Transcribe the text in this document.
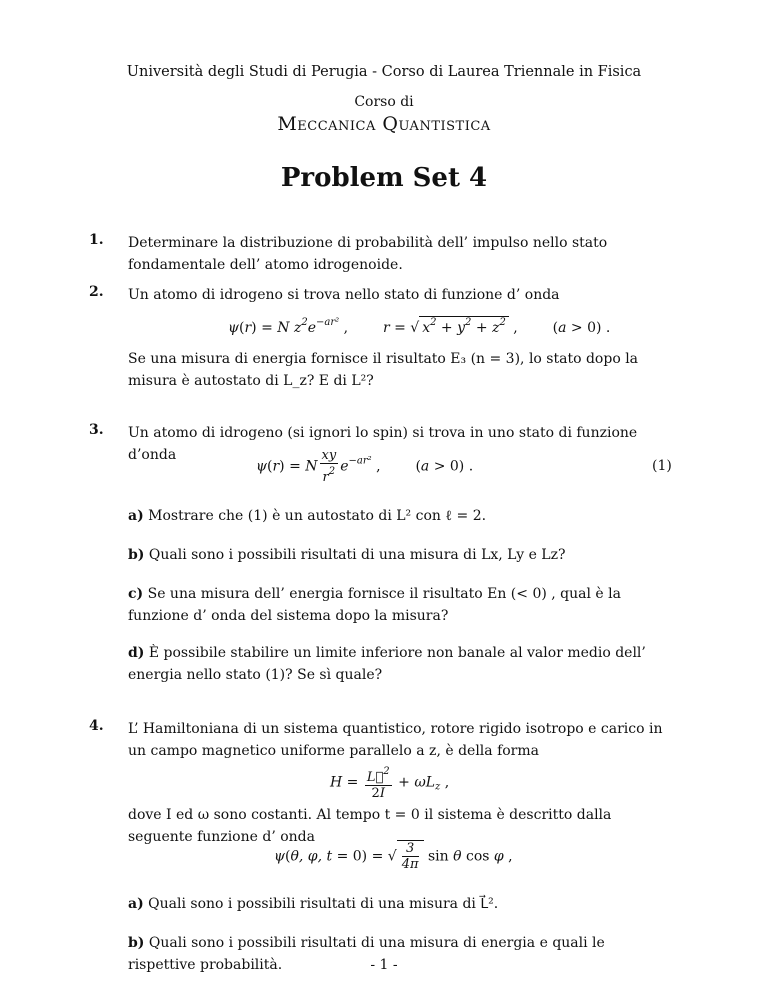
Università degli Studi di Perugia - Corso di Laurea Triennale in Fisica
Corso di
Meccanica Quantistica
Problem Set 4
1. Determinare la distribuzione di probabilità dell’ impulso nello stato fondamentale dell’ atomo idrogenoide.
2. Un atomo di idrogeno si trova nello stato di funzione d’ onda
ψ(r) = N $z^2e^{-ar^2}$ ,  r = √ $x^2 + y^2 + z^2$ , (a > 0) .
Se una misura di energia fornisce il risultato E₃ (n = 3), lo stato dopo la misura è autostato di L_z? E di L²?
3. Un atomo di idrogeno (si ignori lo spin) si trova in uno stato di funzione d’onda
ψ(r) = N $\frac{xy}{r^2} e^{-ar^2}$ , (a > 0) .	(1)
a) Mostrare che (1) è un autostato di L² con ℓ = 2.
b) Quali sono i possibili risultati di una misura di Lx, Ly e Lz?
c) Se una misura dell’ energia fornisce il risultato En (< 0) , qual è la funzione d’ onda del sistema dopo la misura?
d) È possibile stabilire un limite inferiore non banale al valor medio dell’ energia nello stato (1)? Se sì quale?
4. L’ Hamiltoniana di un sistema quantistico, rotore rigido isotropo e carico in un campo magnetico uniforme parallelo a z, è della forma
$H = \frac{L⃗^2}{2I} + \omega L_z$ ,
dove I ed ω sono costanti. Al tempo t = 0 il sistema è descritto dalla seguente funzione d’ onda
ψ(θ, φ, t = 0) = √ $\frac{3}{4\pi}$ sin θ cos φ ,
a) Quali sono i possibili risultati di una misura di L⃗².
b) Quali sono i possibili risultati di una misura di energia e quali le rispettive probabilità.	- 1 -
